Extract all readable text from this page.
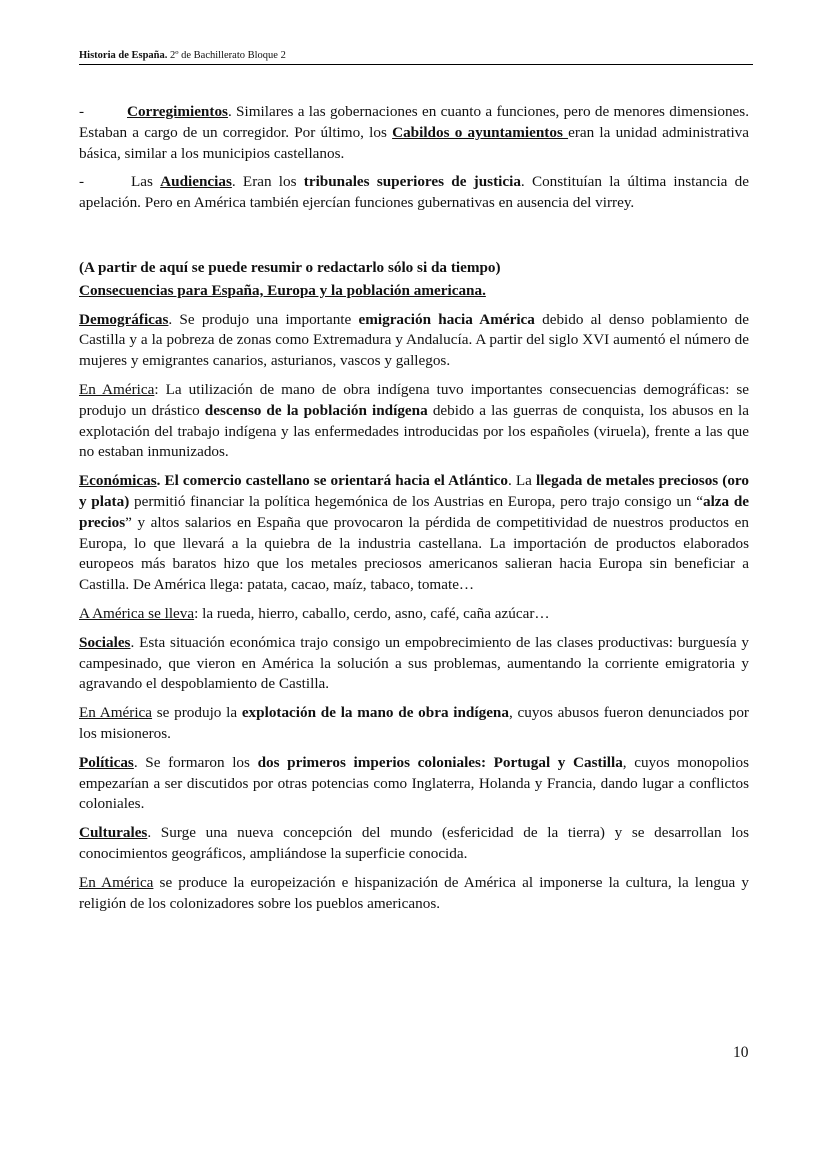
Historia de España. 2º de Bachillerato Bloque 2

-	Corregimientos. Similares a las gobernaciones en cuanto a funciones, pero de menores dimensiones. Estaban a cargo de un corregidor. Por último, los Cabildos o ayuntamientos eran la unidad administrativa básica, similar a los municipios castellanos.

-	Las Audiencias. Eran los tribunales superiores de justicia. Constituían la última instancia de apelación. Pero en América también ejercían funciones gubernativas en ausencia del virrey.

(A partir de aquí se puede resumir o redactarlo sólo si da tiempo)

Consecuencias para España, Europa y la población americana.

Demográficas. Se produjo una importante emigración hacia América debido al denso poblamiento de Castilla y a la pobreza de zonas como Extremadura y Andalucía. A partir del siglo XVI aumentó el número de mujeres y emigrantes canarios, asturianos, vascos y gallegos.

En América: La utilización de mano de obra indígena tuvo importantes consecuencias demográficas: se produjo un drástico descenso de la población indígena debido a las guerras de conquista, los abusos en la explotación del trabajo indígena y las enfermedades introducidas por los españoles (viruela), frente a las que no estaban inmunizados.

Económicas. El comercio castellano se orientará hacia el Atlántico. La llegada de metales preciosos (oro y plata) permitió financiar la política hegemónica de los Austrias en Europa, pero trajo consigo un “alza de precios” y altos salarios en España que provocaron la pérdida de competitividad de nuestros productos en Europa, lo que llevará a la quiebra de la industria castellana. La importación de productos elaborados europeos más baratos hizo que los metales preciosos americanos salieran hacia Europa sin beneficiar a Castilla. De América llega: patata, cacao, maíz, tabaco, tomate…

A América se lleva: la rueda, hierro, caballo, cerdo, asno, café, caña azúcar…

Sociales. Esta situación económica trajo consigo un empobrecimiento de las clases productivas: burguesía y campesinado, que vieron en América la solución a sus problemas, aumentando la corriente emigratoria y agravando el despoblamiento de Castilla.

En América se produjo la explotación de la mano de obra indígena, cuyos abusos fueron denunciados por los misioneros.

Políticas. Se formaron los dos primeros imperios coloniales: Portugal y Castilla, cuyos monopolios empezarían a ser discutidos por otras potencias como Inglaterra, Holanda y Francia, dando lugar a conflictos coloniales.

Culturales. Surge una nueva concepción del mundo (esfericidad de la tierra) y se desarrollan los conocimientos geográficos, ampliándose la superficie conocida.

En América se produce la europeización e hispanización de América al imponerse la cultura, la lengua y religión de los colonizadores sobre los pueblos americanos.

10
